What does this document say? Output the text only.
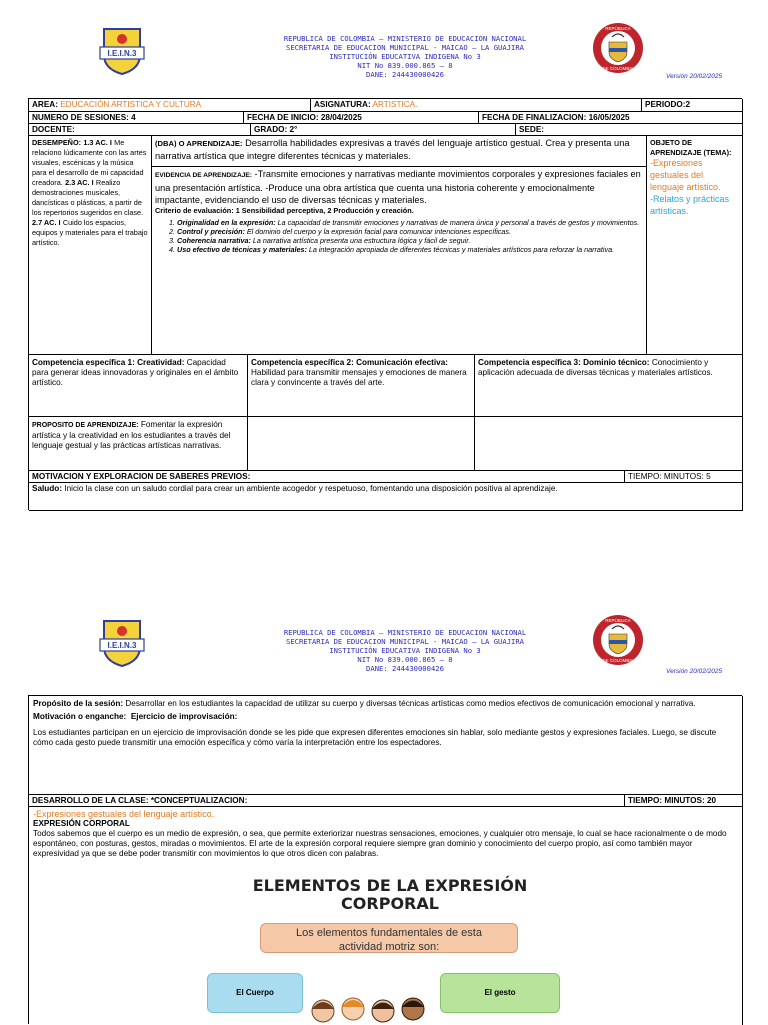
I.E.I.N.3
REPUBLICA DE COLOMBIA – MINISTERIO DE EDUCACION NACIONAL
SECRETARIA DE EDUCACION MUNICIPAL - MAICAO – LA GUAJIRA
INSTITUCIÓN EDUCATIVA INDIGENA No 3
NIT No 839.000.865 – 8
DANE: 244430000426
REPÚBLICA
DE COLOMBIA
Versión 20/02/2025
AREA: EDUCACIÓN ARTISTICA Y CULTURA	ASIGNATURA: ARTISTICA.	PERIODO:2
NUMERO DE SESIONES: 4	FECHA DE INICIO: 28/04/2025	FECHA DE FINALIZACION: 16/05/2025
DOCENTE:	GRADO: 2°	SEDE:
DESEMPEÑO: 1.3 AC. I Me relaciono lúdicamente con las artes visuales, escénicas y la música para el desarrollo de mi capacidad creadora. 2.3 AC. I Realizo demostraciones musicales, dancísticas o plásticas, a partir de los repertorios sugeridos en clase. 2.7 AC. I Cuido los espacios, equipos y materiales para el trabajo artístico.
(DBA) O APRENDIZAJE: Desarrolla habilidades expresivas a través del lenguaje artístico gestual. Crea y presenta una narrativa artística que integre diferentes técnicas y materiales.
EVIDENCIA DE APRENDIZAJE: -Transmite emociones y narrativas mediante movimientos corporales y expresiones faciales en una presentación artística. -Produce una obra artística que cuenta una historia coherente y emocionalmente impactante, evidenciando el uso de diversas técnicas y materiales.
Criterio de evaluación: 1 Sensibilidad perceptiva, 2 Producción y creación.
1. Originalidad en la expresión: La capacidad de transmitir emociones y narrativas de manera única y personal a través de gestos y movimientos.
2. Control y precisión: El dominio del cuerpo y la expresión facial para comunicar intenciones específicas.
3. Coherencia narrativa: La narrativa artística presenta una estructura lógica y fácil de seguir.
4. Uso efectivo de técnicas y materiales: La integración apropiada de diferentes técnicas y materiales artísticos para reforzar la narrativa.
OBJETO DE APRENDIZAJE (TEMA):
-Expresiones gestuales del lenguaje artístico.
-Relatos y prácticas artísticas.
Competencia específica 1: Creatividad: Capacidad para generar ideas innovadoras y originales en el ámbito artístico.
Competencia específica 2: Comunicación efectiva: Habilidad para transmitir mensajes y emociones de manera clara y convincente a través del arte.
Competencia específica 3: Dominio técnico: Conocimiento y aplicación adecuada de diversas técnicas y materiales artísticos.
PROPOSITO DE APRENDIZAJE: Fomentar la expresión artística y la creatividad en los estudiantes a través del lenguaje gestual y las prácticas artísticas narrativas.
MOTIVACION Y EXPLORACION DE SABERES PREVIOS:	TIEMPO: MINUTOS: 5
Saludo: Inicio la clase con un saludo cordial para crear un ambiente acogedor y respetuoso, fomentando una disposición positiva al aprendizaje.
I.E.I.N.3
REPUBLICA DE COLOMBIA – MINISTERIO DE EDUCACION NACIONAL
SECRETARIA DE EDUCACION MUNICIPAL - MAICAO – LA GUAJIRA
INSTITUCIÓN EDUCATIVA INDIGENA No 3
NIT No 839.000.865 – 8
DANE: 244430000426
REPÚBLICA
DE COLOMBIA
Versión 20/02/2025

Propósito de la sesión: Desarrollar en los estudiantes la capacidad de utilizar su cuerpo y diversas técnicas artísticas como medios efectivos de comunicación emocional y narrativa.

Motivación o enganche: Ejercicio de improvisación:

Los estudiantes participan en un ejercicio de improvisación donde se les pide que expresen diferentes emociones sin hablar, solo mediante gestos y expresiones faciales. Luego, se discute cómo cada gesto puede transmitir una emoción específica y cómo varía la interpretación entre los espectadores.

DESARROLLO DE LA CLASE: *CONCEPTUALIZACION:	TIEMPO: MINUTOS: 20
-Expresiones gestuales del lenguaje artístico.
EXPRESIÓN CORPORAL
Todos sabemos que el cuerpo es un medio de expresión, o sea, que permite exteriorizar nuestras sensaciones, emociones, y cualquier otro mensaje, lo cual se hace racionalmente o de modo espontáneo, con posturas, gestos, miradas o movimientos. El arte de la expresión corporal requiere siempre gran dominio y conocimiento del cuerpo propio, así como también mayor expresividad ya que se debe poder transmitir con movimientos lo que otros dicen con palabras.
ELEMENTOS DE LA EXPRESIÓN
CORPORAL
Los elementos fundamentales de esta actividad motriz son:
El Cuerpo	El gesto
